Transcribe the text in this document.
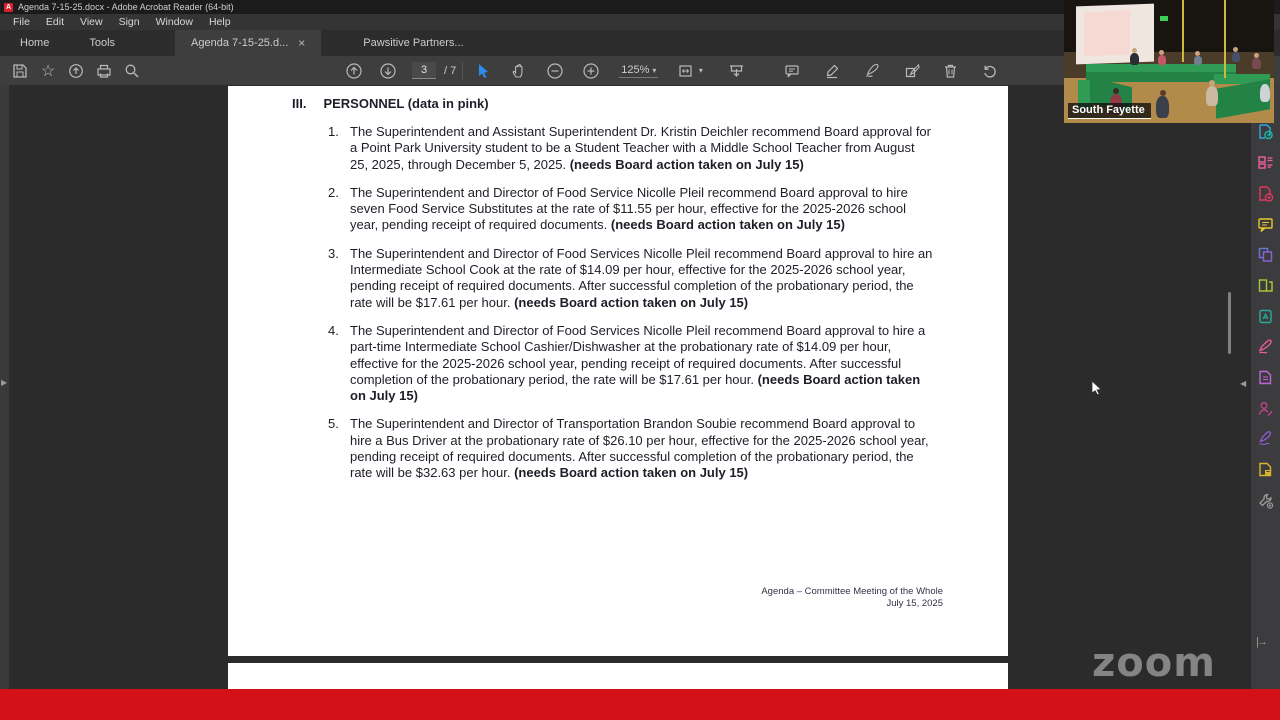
A Agenda 7-15-25.docx - Adobe Acrobat Reader (64-bit)
File	Edit	View	Sign	Window	Help
Home	Tools	Agenda 7-15-25.d... ×	Pawsitive Partners...
☆
3	/ 7	125% ▾	▾
▶	◀
III. PERSONNEL (data in pink)
1. The Superintendent and Assistant Superintendent Dr. Kristin Deichler recommend Board approval for a Point Park University student to be a Student Teacher with a Middle School Teacher from August 25, 2025, through December 5, 2025. (needs Board action taken on July 15)
2. The Superintendent and Director of Food Service Nicolle Pleil recommend Board approval to hire seven Food Service Substitutes at the rate of $11.55 per hour, effective for the 2025-2026 school year, pending receipt of required documents. (needs Board action taken on July 15)
3. The Superintendent and Director of Food Services Nicolle Pleil recommend Board approval to hire an Intermediate School Cook at the rate of $14.09 per hour, effective for the 2025-2026 school year, pending receipt of required documents. After successful completion of the probationary period, the rate will be $17.61 per hour. (needs Board action taken on July 15)
4. The Superintendent and Director of Food Services Nicolle Pleil recommend Board approval to hire a part-time Intermediate School Cashier/Dishwasher at the probationary rate of $14.09 per hour, effective for the 2025-2026 school year, pending receipt of required documents. After successful completion of the probationary period, the rate will be $17.61 per hour. (needs Board action taken on July 15)
5. The Superintendent and Director of Transportation Brandon Soubie recommend Board approval to hire a Bus Driver at the probationary rate of $26.10 per hour, effective for the 2025-2026 school year, pending receipt of required documents. After successful completion of the probationary period, the rate will be $32.63 per hour. (needs Board action taken on July 15)
Agenda – Committee Meeting of the Whole
July 15, 2025
|→
South Fayette
zoom
